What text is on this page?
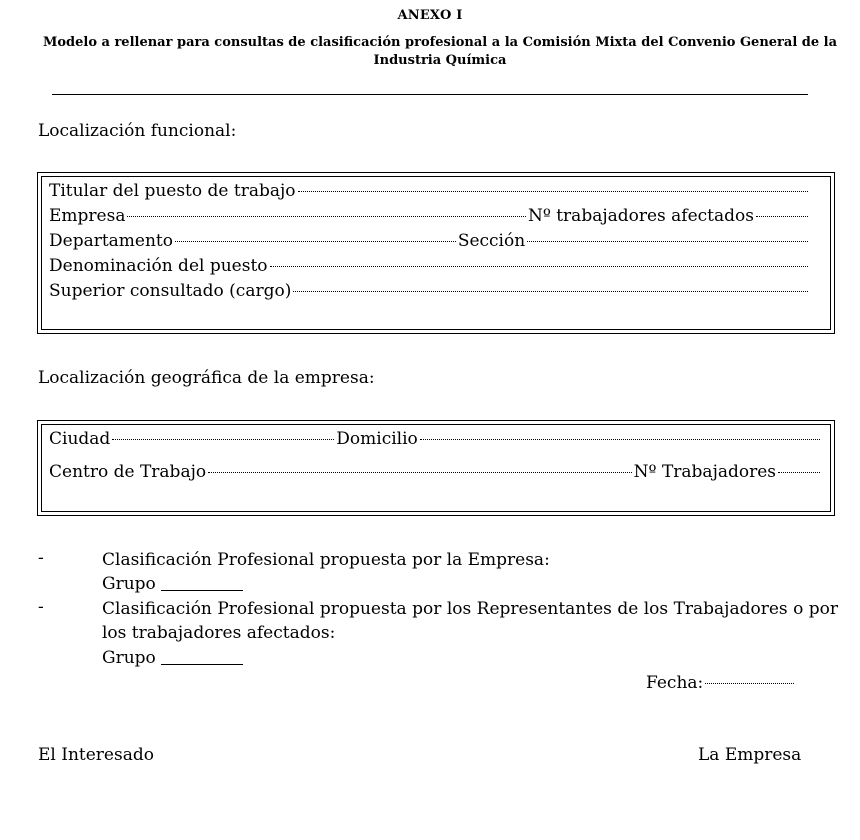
ANEXO I
Modelo a rellenar para consultas de clasificación profesional a la Comisión Mixta del Convenio General de la Industria Química
Localización funcional:
Titular del puesto de trabajo
Empresa	Nº trabajadores afectados
Departamento	Sección
Denominación del puesto
Superior consultado (cargo)
Localización geográfica de la empresa:
Ciudad	Domicilio
Centro de Trabajo	Nº Trabajadores
-	Clasificación Profesional propuesta por la Empresa:
Grupo
-	Clasificación Profesional propuesta por los Representantes de los Trabajadores o por los trabajadores afectados:
Grupo
Fecha:
El Interesado	La Empresa
